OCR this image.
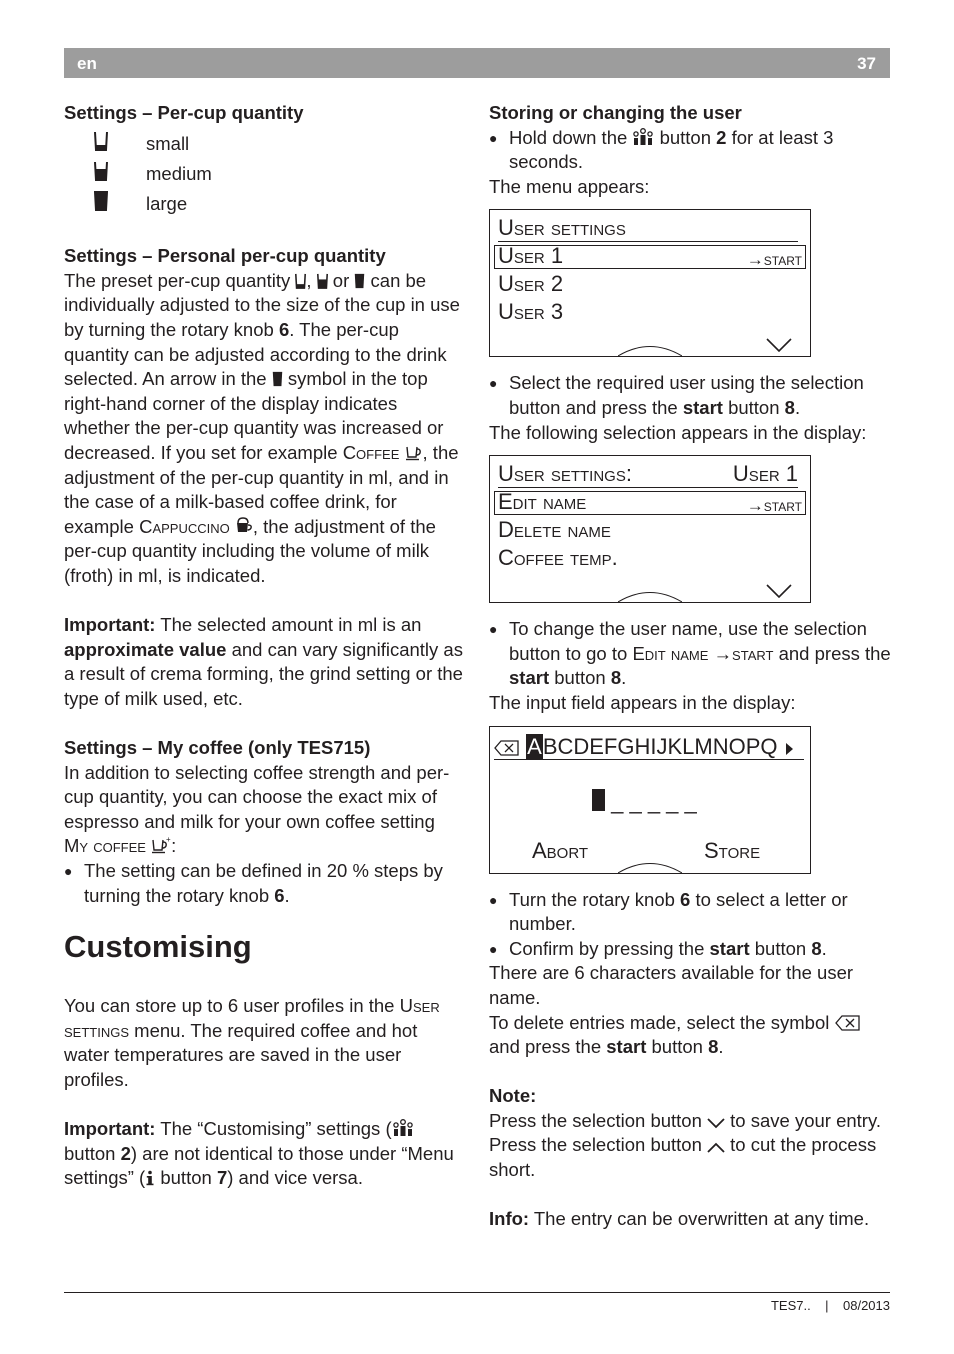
en	37

Settings – Per-cup quantity

small
medium
large

Settings – Personal per-cup quantity

The preset per-cup quantity ,  or  can be individually adjusted to the size of the cup in use by turning the rotary knob 6. The per-cup quantity can be adjusted according to the drink selected. An arrow in the symbol in the top right-hand corner of the display indicates whether the per-cup quantity was increased or decreased. If you set for example Coffee , the adjustment of the per-cup quantity in ml, and in the case of a milk-based coffee drink, for example Cappuccino , the adjustment of the per-cup quantity including the volume of milk (froth) in ml, is indicated.

Important: The selected amount in ml is an approximate value and can vary significantly as a result of crema forming, the grind setting or the type of milk used, etc.

Settings – My coffee (only TES715)

In addition to selecting coffee strength and per-cup quantity, you can choose the exact mix of espresso and milk for your own coffee setting My coffee	+ :

● The setting can be defined in 20 % steps by turning the rotary knob 6.

Customising

You can store up to 6 user profiles in the User settings menu. The required coffee and hot water temperatures are saved in the user profiles.

Important: The “Customising” settings ( button 2) are not identical to those under “Menu settings” ( button 7) and vice versa.

Storing or changing the user

● Hold down the button 2 for at least 3 seconds.

The menu appears:

User settings
User 1	→start
User 2
User 3

● Select the required user using the selection button and press the start button 8.

The following selection appears in the display:

User settings:	User 1
Edit name	→start
Delete name
Coffee temp.

● To change the user name, use the selection button to go to Edit name →start and press the start button 8.

The input field appears in the display:

ABCDEFGHIJKLMNOPQ
_ _ _ _ _
Abort	Store

● Turn the rotary knob 6 to select a letter or number.

● Confirm by pressing the start button 8.

There are 6 characters available for the user name.

To delete entries made, select the symbol  and press the start button 8.

Note:

Press the selection button to save your entry. Press the selection button to cut the process short.

Info: The entry can be overwritten at any time.

TES7.. | 08/2013
